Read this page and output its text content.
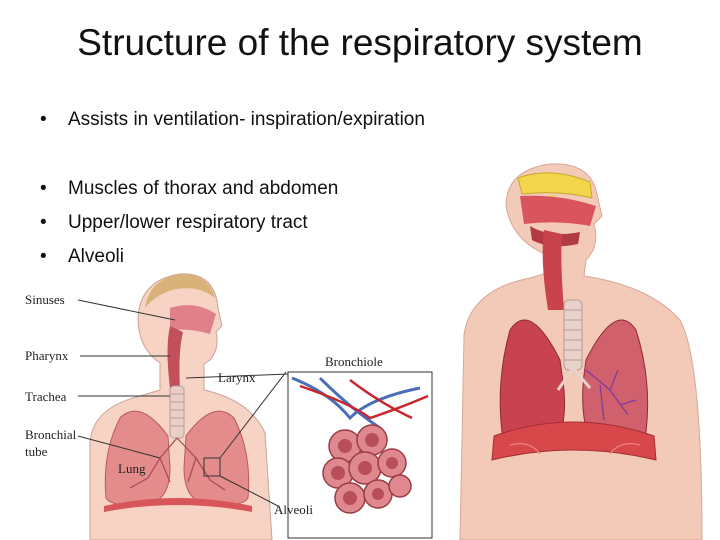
Structure of the respiratory system
• Assists in ventilation- inspiration/expiration
• Muscles of thorax and abdomen
• Upper/lower respiratory tract
• Alveoli
Sinuses
Pharynx
Trachea
Bronchial
tube
Lung
Larynx
Bronchiole
Alveoli
